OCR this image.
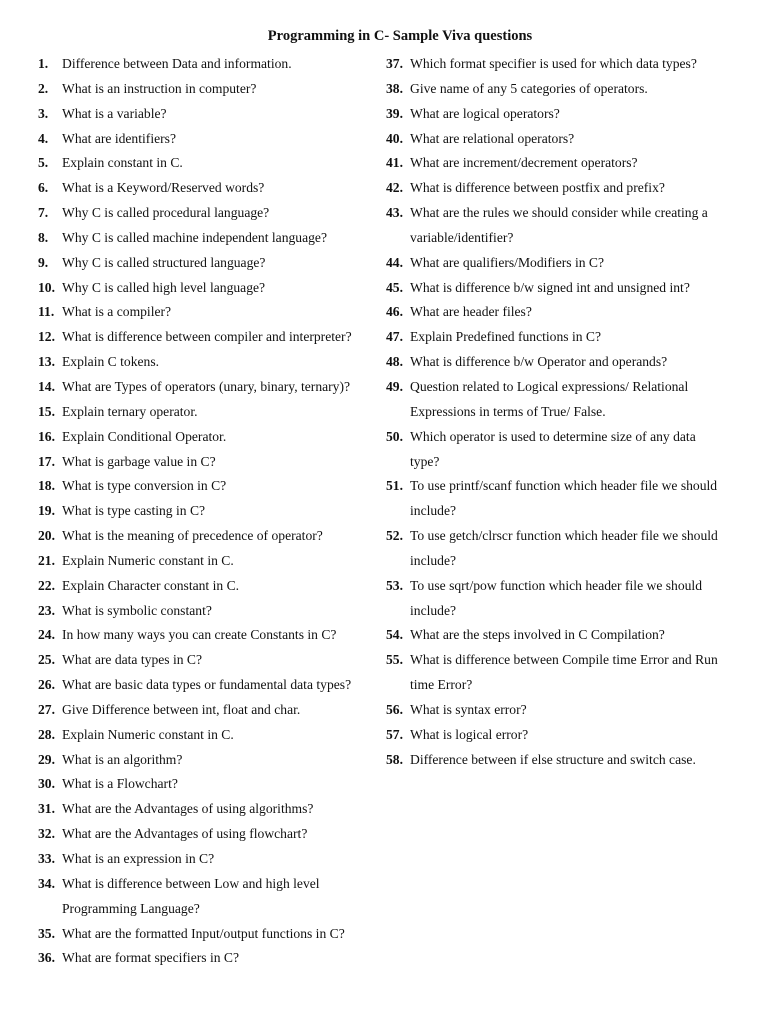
Programming in C- Sample Viva questions
1.	Difference between Data and information.
2.	What is an instruction in computer?
3.	What is a variable?
4.	What are identifiers?
5.	Explain constant in C.
6.	What is a Keyword/Reserved words?
7.	Why C is called procedural language?
8.	Why C is called machine independent language?
9.	Why C is called structured language?
10. Why C is called high level language?
11. What is a compiler?
12. What is difference between compiler and interpreter?
13. Explain C tokens.
14. What are Types of operators (unary, binary, ternary)?
15. Explain ternary operator.
16. Explain Conditional Operator.
17. What is garbage value in C?
18. What is type conversion in C?
19. What is type casting in C?
20. What is the meaning of precedence of operator?
21. Explain Numeric constant in C.
22. Explain Character constant in C.
23. What is symbolic constant?
24. In how many ways you can create Constants in C?
25. What are data types in C?
26. What are basic data types or fundamental data types?
27. Give Difference between int, float and char.
28. Explain Numeric constant in C.
29. What is an algorithm?
30. What is a Flowchart?
31. What are the Advantages of using algorithms?
32. What are the Advantages of using flowchart?
33. What is an expression in C?
34. What is difference between Low and high level
Programming Language?
35. What are the formatted Input/output functions in C?
36. What are format specifiers in C?
37. Which format specifier is used for which data types?
38. Give name of any 5 categories of operators.
39. What are logical operators?
40. What are relational operators?
41. What are increment/decrement operators?
42. What is difference between postfix and prefix?
43. What are the rules we should consider while creating a
variable/identifier?
44. What are qualifiers/Modifiers in C?
45. What is difference b/w signed int and unsigned int?
46. What are header files?
47. Explain Predefined functions in C?
48. What is difference b/w Operator and operands?
49. Question related to Logical expressions/ Relational
Expressions in terms of True/ False.
50. Which operator is used to determine size of any data
type?
51. To use printf/scanf function which header file we should
include?
52. To use getch/clrscr function which header file we should
include?
53. To use sqrt/pow function which header file we should
include?
54. What are the steps involved in C Compilation?
55. What is difference between Compile time Error and Run
time Error?
56. What is syntax error?
57. What is logical error?
58. Difference between if else structure and switch case.
